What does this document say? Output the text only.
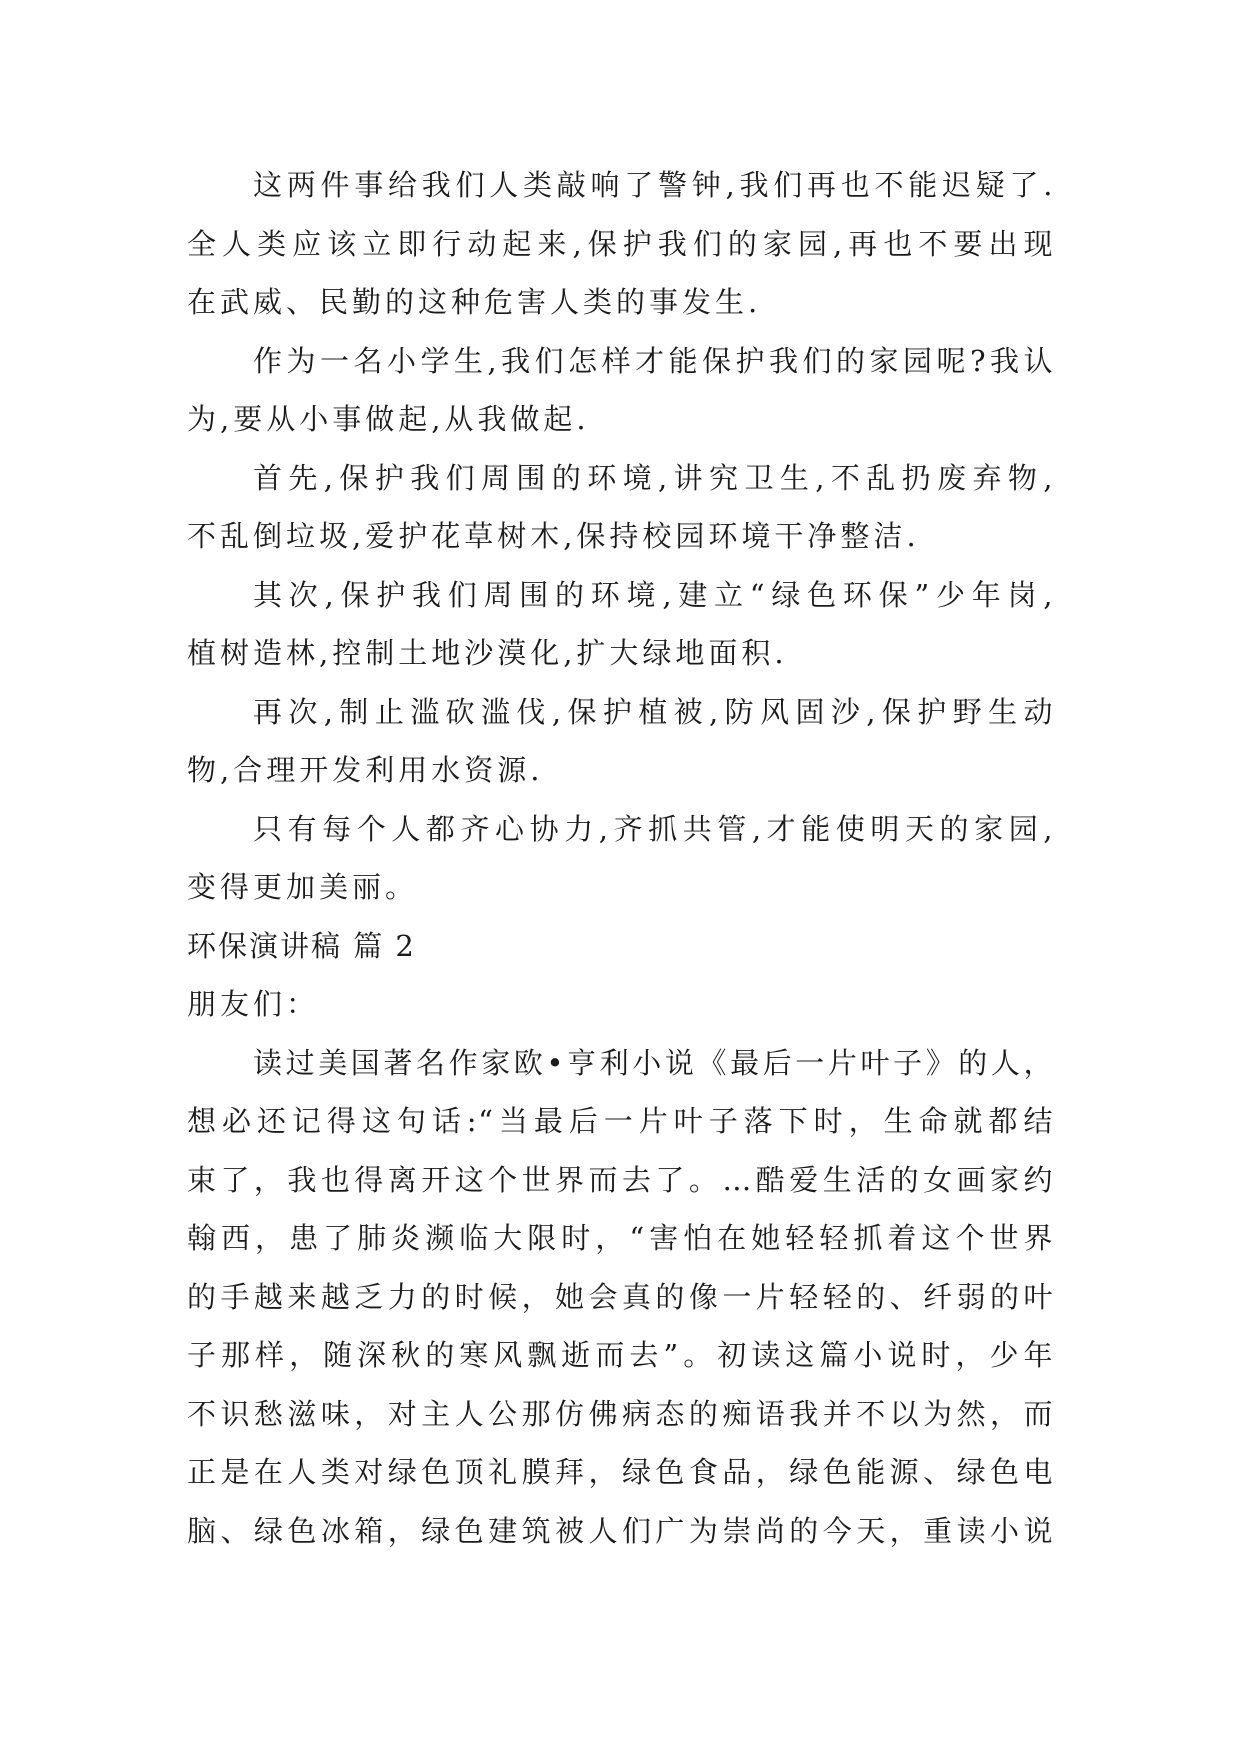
这两件事给我们人类敲响了警钟,我们再也不能迟疑了.
全人类应该立即行动起来,保护我们的家园,再也不要出现
在武威、民勤的这种危害人类的事发生.

作为一名小学生,我们怎样才能保护我们的家园呢?我认
为,要从小事做起,从我做起.

首先,保护我们周围的环境,讲究卫生,不乱扔废弃物,
不乱倒垃圾,爱护花草树木,保持校园环境干净整洁.

其次,保护我们周围的环境,建立“绿色环保”少年岗,
植树造林,控制土地沙漠化,扩大绿地面积.

再次,制止滥砍滥伐,保护植被,防风固沙,保护野生动
物,合理开发利用水资源.

只有每个人都齐心协力,齐抓共管,才能使明天的家园,
变得更加美丽。

环保演讲稿 篇 2
朋友们：

读过美国著名作家欧•亨利小说《最后一片叶子》的人，
想必还记得这句话:“当最后一片叶子落下时，生命就都结
束了，我也得离开这个世界而去了。…酷爱生活的女画家约
翰西，患了肺炎濒临大限时，“害怕在她轻轻抓着这个世界
的手越来越乏力的时候，她会真的像一片轻轻的、纤弱的叶
子那样，随深秋的寒风飘逝而去”。初读这篇小说时，少年
不识愁滋味，对主人公那仿佛病态的痴语我并不以为然，而
正是在人类对绿色顶礼膜拜，绿色食品，绿色能源、绿色电
脑、绿色冰箱，绿色建筑被人们广为崇尚的今天，重读小说
